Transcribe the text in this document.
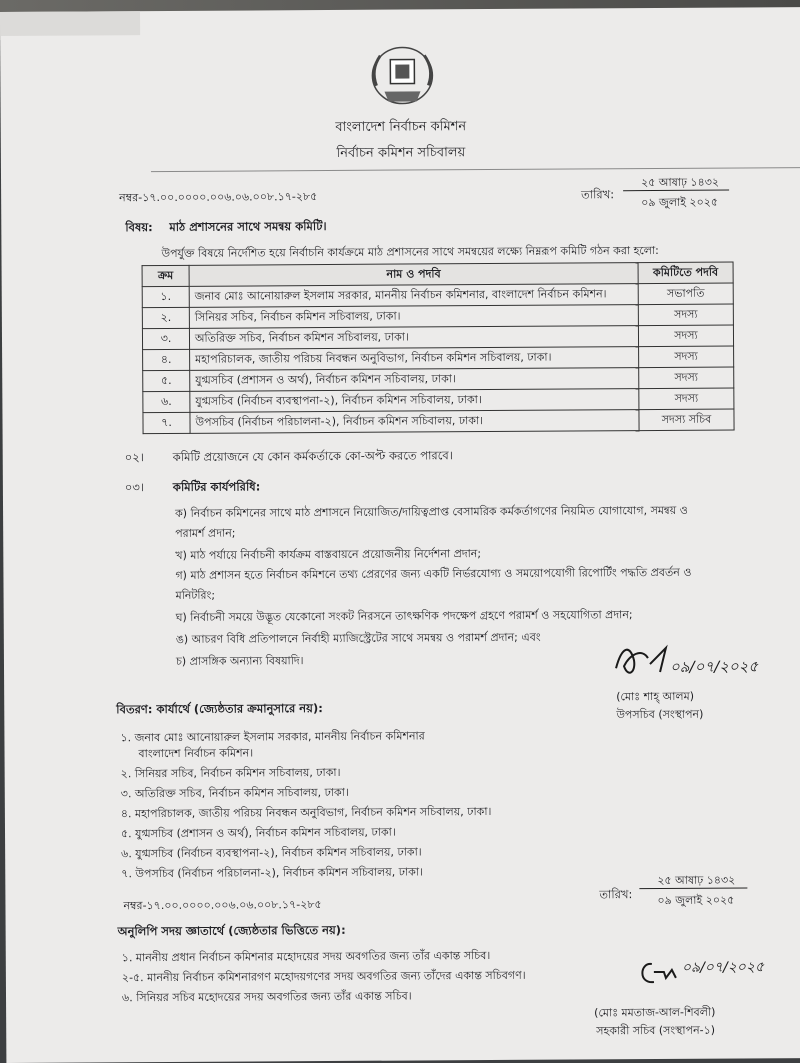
বাংলাদেশ নির্বাচন কমিশন
নির্বাচন কমিশন সচিবালয়
নম্বর-১৭.০০.০০০০.০০৬.০৬.০০৮.১৭-২৮৫	তারিখ:
২৫ আষাঢ় ১৪৩২
০৯ জুলাই ২০২৫
বিষয়: মাঠ প্রশাসনের সাথে সমন্বয় কমিটি।
উপর্যুক্ত বিষয়ে নির্দেশিত হয়ে নির্বাচনি কার্যক্রমে মাঠ প্রশাসনের সাথে সমন্বয়ের লক্ষ্যে নিম্নরূপ কমিটি গঠন করা হলো:
ক্রম	নাম ও পদবি	কমিটিতে পদবি
১.	জনাব মোঃ আনোয়ারুল ইসলাম সরকার, মাননীয় নির্বাচন কমিশনার, বাংলাদেশ নির্বাচন কমিশন।	সভাপতি
২.	সিনিয়র সচিব, নির্বাচন কমিশন সচিবালয়, ঢাকা।	সদস্য
৩.	অতিরিক্ত সচিব, নির্বাচন কমিশন সচিবালয়, ঢাকা।	সদস্য
৪.	মহাপরিচালক, জাতীয় পরিচয় নিবন্ধন অনুবিভাগ, নির্বাচন কমিশন সচিবালয়, ঢাকা।	সদস্য
৫.	যুগ্মসচিব (প্রশাসন ও অর্থ), নির্বাচন কমিশন সচিবালয়, ঢাকা।	সদস্য
৬.	যুগ্মসচিব (নির্বাচন ব্যবস্থাপনা-২), নির্বাচন কমিশন সচিবালয়, ঢাকা।	সদস্য
৭.	উপসচিব (নির্বাচন পরিচালনা-২), নির্বাচন কমিশন সচিবালয়, ঢাকা।	সদস্য সচিব
০২।	কমিটি প্রয়োজনে যে কোন কর্মকর্তাকে কো-অপ্ট করতে পারবে।
০৩।	কমিটির কার্যপরিধি:
ক) নির্বাচন কমিশনের সাথে মাঠ প্রশাসনে নিয়োজিত/দায়িত্বপ্রাপ্ত বেসামরিক কর্মকর্তাগণের নিয়মিত যোগাযোগ, সমন্বয় ও
পরামর্শ প্রদান;
খ) মাঠ পর্যায়ে নির্বাচনী কার্যক্রম বাস্তবায়নে প্রয়োজনীয় নির্দেশনা প্রদান;
গ) মাঠ প্রশাসন হতে নির্বাচন কমিশনে তথ্য প্রেরণের জন্য একটি নির্ভরযোগ্য ও সময়োপযোগী রিপোর্টিং পদ্ধতি প্রবর্তন ও
মনিটরিং;
ঘ) নির্বাচনী সময়ে উদ্ভূত যেকোনো সংকট নিরসনে তাৎক্ষণিক পদক্ষেপ গ্রহণে পরামর্শ ও সহযোগিতা প্রদান;
ঙ) আচরণ বিধি প্রতিপালনে নির্বাহী ম্যাজিস্ট্রেটের সাথে সমন্বয় ও পরামর্শ প্রদান; এবং
চ) প্রাসঙ্গিক অন্যান্য বিষয়াদি।	০৯/০৭/২০২৫
(মোঃ শাহ্‌ আলম)
উপসচিব (সংস্থাপন)
বিতরণ: কার্যার্থে (জ্যেষ্ঠতার ক্রমানুসারে নয়):
১. জনাব মোঃ আনোয়ারুল ইসলাম সরকার, মাননীয় নির্বাচন কমিশনার
বাংলাদেশ নির্বাচন কমিশন।
২. সিনিয়র সচিব, নির্বাচন কমিশন সচিবালয়, ঢাকা।
৩. অতিরিক্ত সচিব, নির্বাচন কমিশন সচিবালয়, ঢাকা।
৪. মহাপরিচালক, জাতীয় পরিচয় নিবন্ধন অনুবিভাগ, নির্বাচন কমিশন সচিবালয়, ঢাকা।
৫. যুগ্মসচিব (প্রশাসন ও অর্থ), নির্বাচন কমিশন সচিবালয়, ঢাকা।
৬. যুগ্মসচিব (নির্বাচন ব্যবস্থাপনা-২), নির্বাচন কমিশন সচিবালয়, ঢাকা।
৭. উপসচিব (নির্বাচন পরিচালনা-২), নির্বাচন কমিশন সচিবালয়, ঢাকা।
নম্বর-১৭.০০.০০০০.০০৬.০৬.০০৮.১৭-২৮৫
তারিখ:
২৫ আষাঢ় ১৪৩২
০৯ জুলাই ২০২৫
অনুলিপি সদয় জ্ঞাতার্থে (জ্যেষ্ঠতার ভিত্তিতে নয়):
১. মাননীয় প্রধান নির্বাচন কমিশনার মহোদয়ের সদয় অবগতির জন্য তাঁর একান্ত সচিব।
২-৫. মাননীয় নির্বাচন কমিশনারগণ মহোদয়গণের সদয় অবগতির জন্য তাঁদের একান্ত সচিবগণ।
৬. সিনিয়র সচিব মহোদয়ের সদয় অবগতির জন্য তাঁর একান্ত সচিব।
০৯/০৭/২০২৫
(মোঃ মমতাজ-আল-শিবলী)
সহকারী সচিব (সংস্থাপন-১)
